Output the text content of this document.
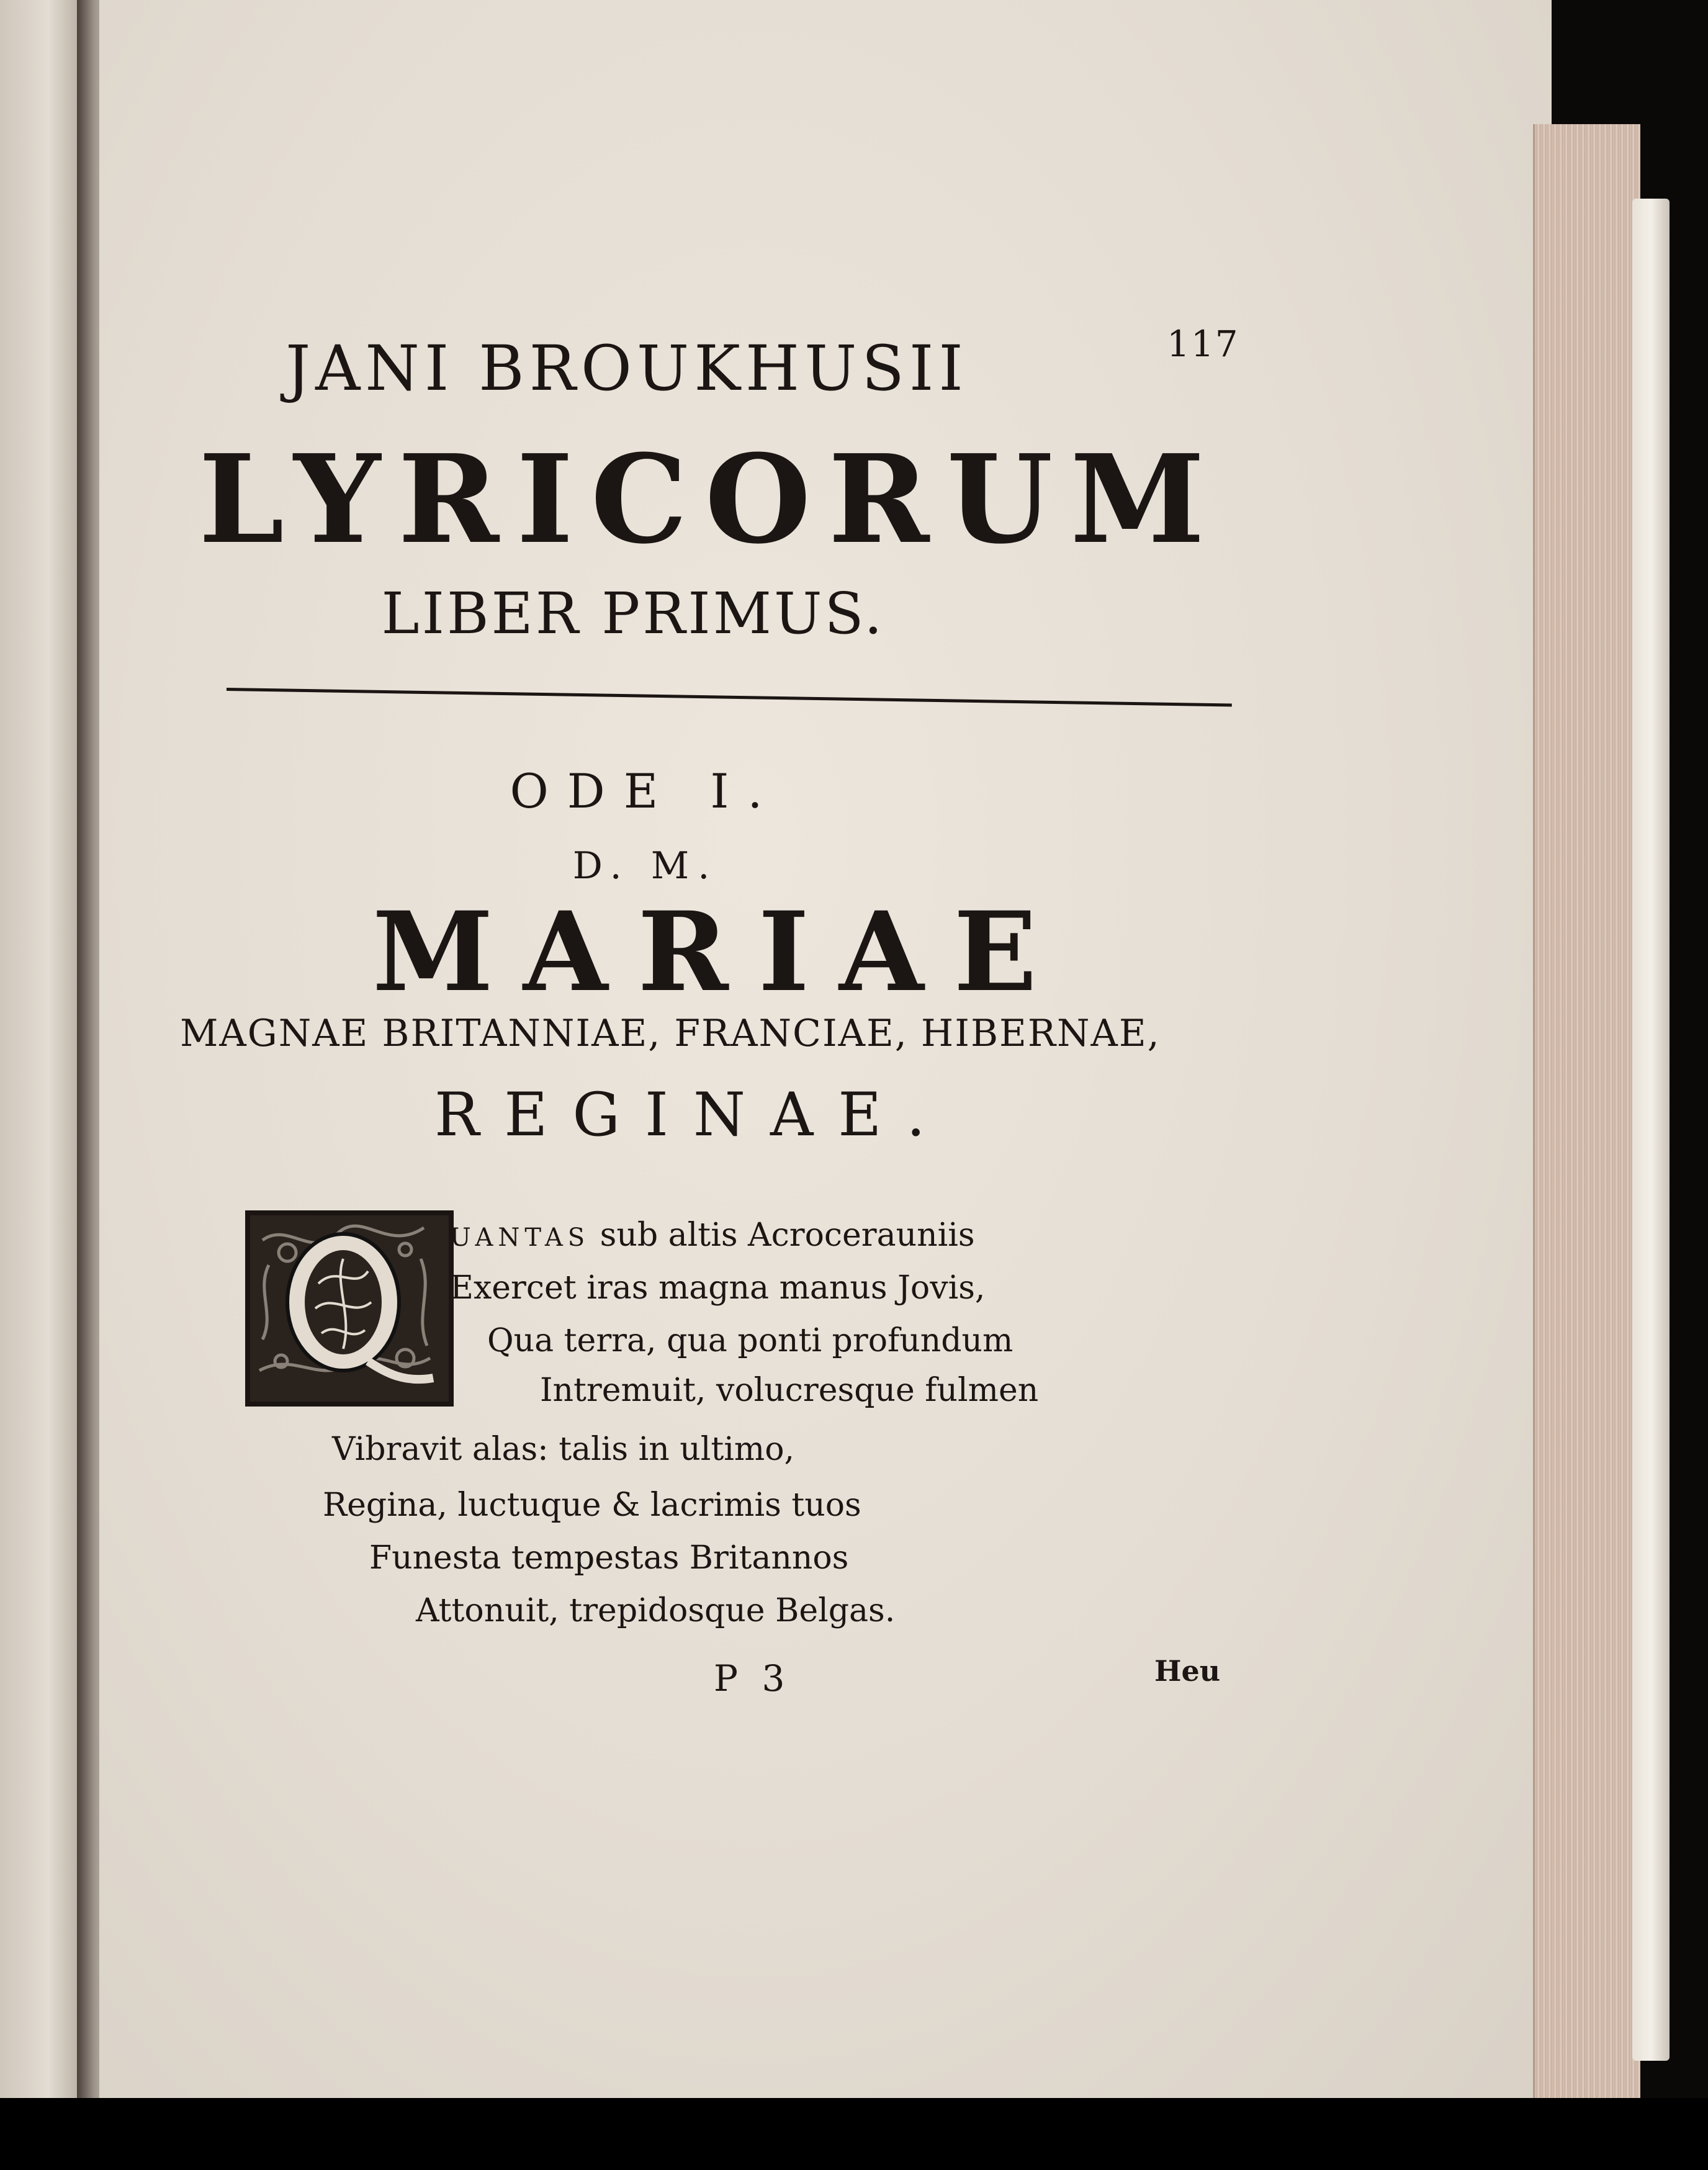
117
JANI BROUKHUSII
LYRICORUM
LIBER PRIMUS.
ODE I.
D. M.
MARIAE
MAGNAE BRITANNIAE, FRANCIAE, HIBERNAE,
REGINAE.
UANTAS sub altis Acrocerauniis
Exercet iras magna manus Jovis,
Qua terra, qua ponti profundum
Intremuit, volucresque fulmen
Vibravit alas: talis in ultimo,
Regina, luctuque & lacrimis tuos
Funesta tempestas Britannos
Attonuit, trepidosque Belgas.
P 3	Heu
